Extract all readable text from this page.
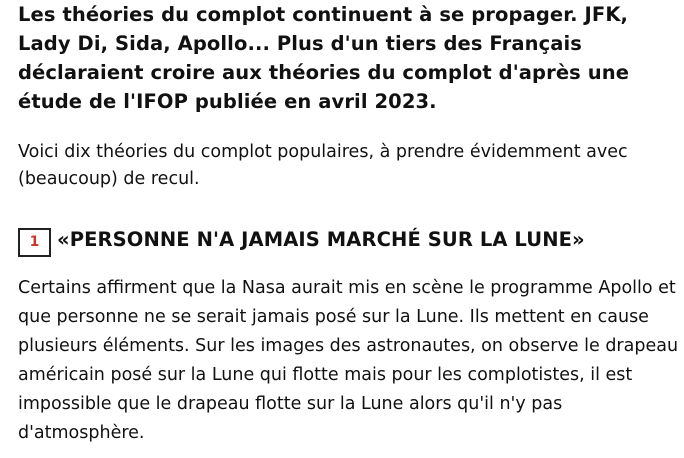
Les théories du complot continuent à se propager. JFK, Lady Di, Sida, Apollo... Plus d'un tiers des Français déclaraient croire aux théories du complot d'après une étude de l'IFOP publiée en avril 2023.

Voici dix théories du complot populaires, à prendre évidemment avec (beaucoup) de recul.

1 «PERSONNE N'A JAMAIS MARCHÉ SUR LA LUNE»

Certains affirment que la Nasa aurait mis en scène le programme Apollo et que personne ne se serait jamais posé sur la Lune. Ils mettent en cause plusieurs éléments. Sur les images des astronautes, on observe le drapeau américain posé sur la Lune qui flotte mais pour les complotistes, il est impossible que le drapeau flotte sur la Lune alors qu'il n'y pas d'atmosphère.
